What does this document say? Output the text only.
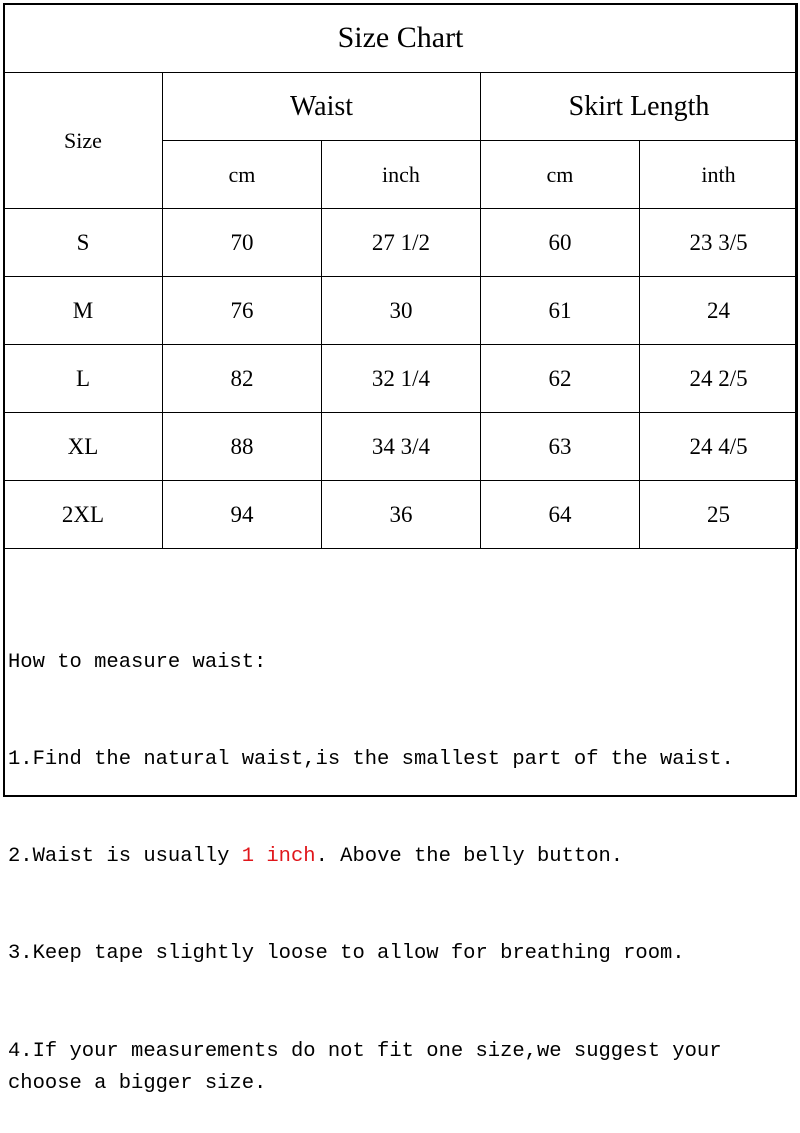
Size Chart				
Size	Waist		Skirt Length	
	cm	inch	cm	inth
S	70	27 1/2	60	23 3/5
M	76	30	61	24
L	82	32 1/4	62	24 2/5
XL	88	34 3/4	63	24 4/5
2XL	94	36	64	25

How to measure waist:

1.Find the natural waist,is the smallest part of the waist.

2.Waist is usually 1 inch. Above the belly button.

3.Keep tape slightly loose to allow for breathing room.

4.If your measurements do not fit one size,we suggest your choose a bigger size.
